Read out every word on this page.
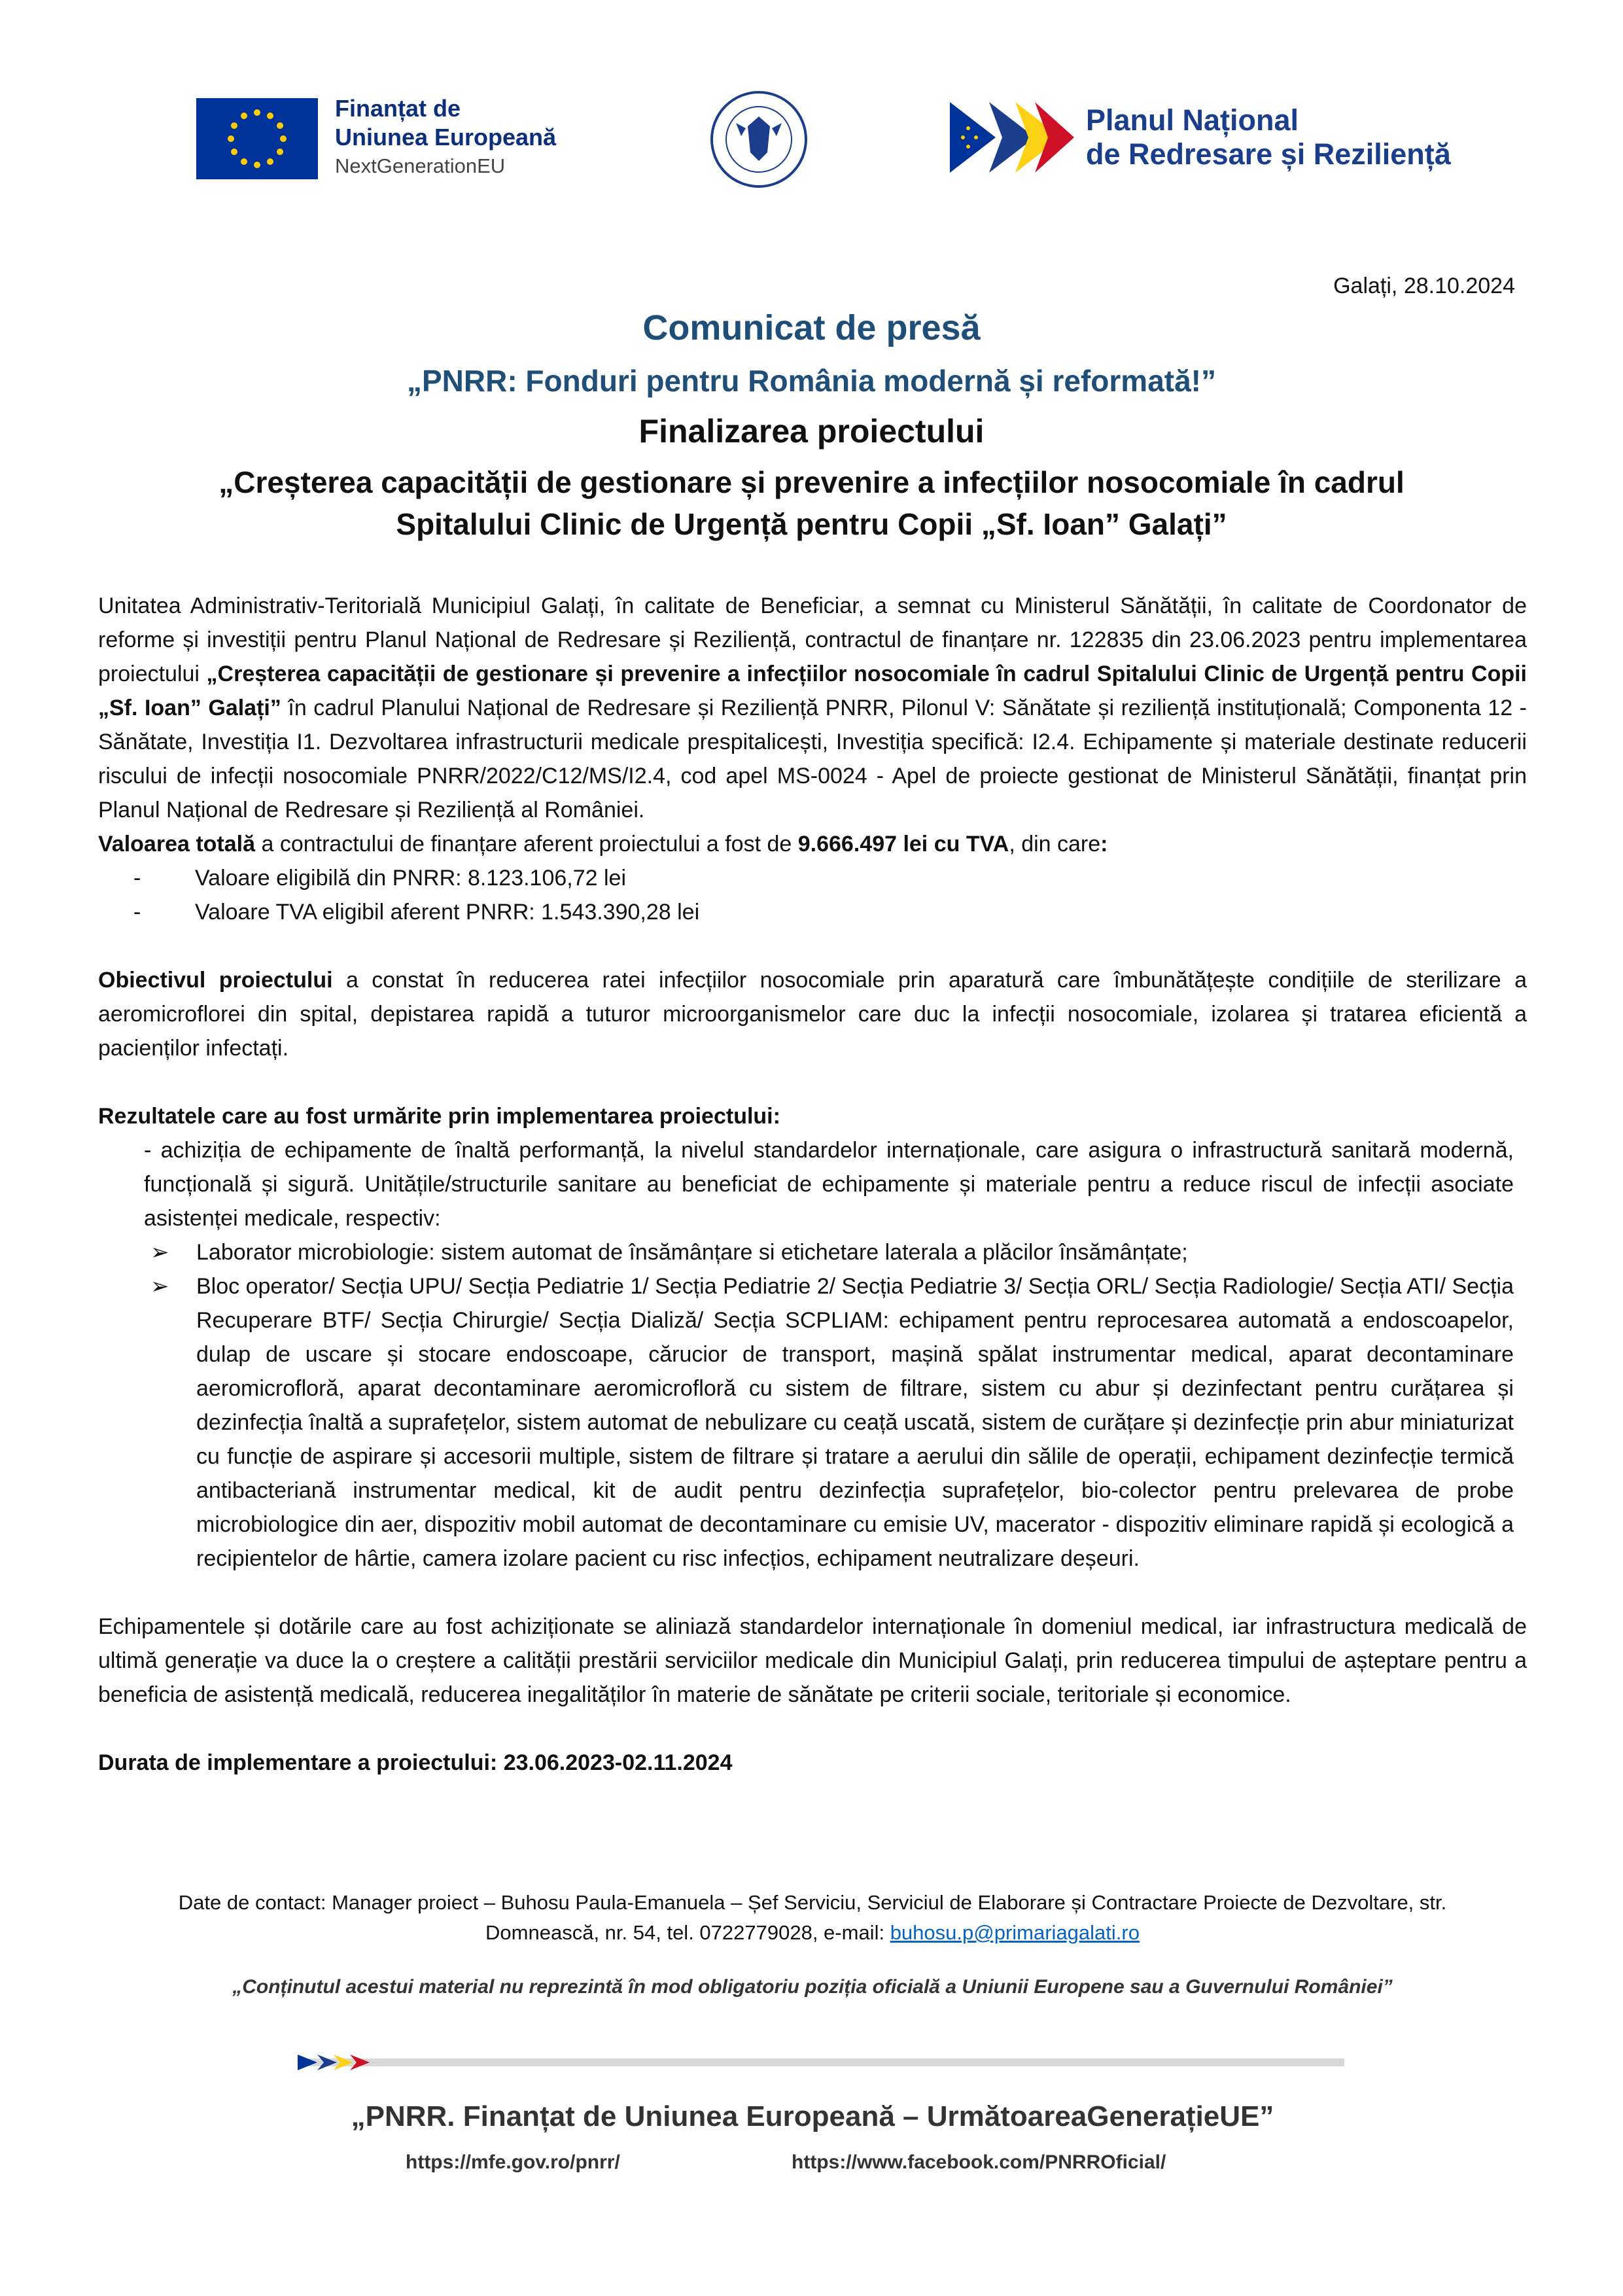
Finanțat de
Uniunea Europeană
NextGenerationEU
Planul Național
de Redresare și Reziliență
Galați, 28.10.2024
Comunicat de presă
„PNRR: Fonduri pentru România modernă și reformată!”
Finalizarea proiectului
„Creșterea capacității de gestionare și prevenire a infecțiilor nosocomiale în cadrul
Spitalului Clinic de Urgență pentru Copii „Sf. Ioan” Galați”

Unitatea Administrativ-Teritorială Municipiul Galați, în calitate de Beneficiar, a semnat cu Ministerul Sănătății, în calitate de Coordonator de reforme și investiții pentru Planul Național de Redresare și Reziliență, contractul de finanțare nr. 122835 din 23.06.2023 pentru implementarea proiectului „Creșterea capacității de gestionare și prevenire a infecțiilor nosocomiale în cadrul Spitalului Clinic de Urgență pentru Copii „Sf. Ioan” Galați” în cadrul Planului Național de Redresare și Reziliență PNRR, Pilonul V: Sănătate și reziliență instituțională; Componenta 12 - Sănătate, Investiția I1. Dezvoltarea infrastructurii medicale prespitalicești, Investiția specifică: I2.4. Echipamente și materiale destinate reducerii riscului de infecții nosocomiale PNRR/2022/C12/MS/I2.4, cod apel MS-0024 - Apel de proiecte gestionat de Ministerul Sănătății, finanțat prin Planul Național de Redresare și Reziliență al României.

Valoarea totală a contractului de finanțare aferent proiectului a fost de 9.666.497 lei cu TVA, din care:

- Valoare eligibilă din PNRR: 8.123.106,72 lei
- Valoare TVA eligibil aferent PNRR: 1.543.390,28 lei

Obiectivul proiectului a constat în reducerea ratei infecțiilor nosocomiale prin aparatură care îmbunătățește condițiile de sterilizare a aeromicroflorei din spital, depistarea rapidă a tuturor microorganismelor care duc la infecții nosocomiale, izolarea și tratarea eficientă a pacienților infectați.

Rezultatele care au fost urmărite prin implementarea proiectului:

- achiziția de echipamente de înaltă performanță, la nivelul standardelor internaționale, care asigura o infrastructură sanitară modernă, funcțională și sigură. Unitățile/structurile sanitare au beneficiat de echipamente și materiale pentru a reduce riscul de infecții asociate asistenței medicale, respectiv:

➢ Laborator microbiologie: sistem automat de însămânțare si etichetare laterala a plăcilor însămânțate;
➢ Bloc operator/ Secția UPU/ Secția Pediatrie 1/ Secția Pediatrie 2/ Secția Pediatrie 3/ Secția ORL/ Secția Radiologie/ Secția ATI/ Secția Recuperare BTF/ Secția Chirurgie/ Secția Dializă/ Secția SCPLIAM: echipament pentru reprocesarea automată a endoscoapelor, dulap de uscare și stocare endoscoape, cărucior de transport, mașină spălat instrumentar medical, aparat decontaminare aeromicrofloră, aparat decontaminare aeromicrofloră cu sistem de filtrare, sistem cu abur și dezinfectant pentru curățarea și dezinfecția înaltă a suprafețelor, sistem automat de nebulizare cu ceață uscată, sistem de curățare și dezinfecție prin abur miniaturizat cu funcție de aspirare și accesorii multiple, sistem de filtrare și tratare a aerului din sălile de operații, echipament dezinfecție termică antibacteriană instrumentar medical, kit de audit pentru dezinfecția suprafețelor, bio-colector pentru prelevarea de probe microbiologice din aer, dispozitiv mobil automat de decontaminare cu emisie UV, macerator - dispozitiv eliminare rapidă și ecologică a recipientelor de hârtie, camera izolare pacient cu risc infecțios, echipament neutralizare deșeuri.

Echipamentele și dotările care au fost achiziționate se aliniază standardelor internaționale în domeniul medical, iar infrastructura medicală de ultimă generație va duce la o creștere a calității prestării serviciilor medicale din Municipiul Galați, prin reducerea timpului de așteptare pentru a beneficia de asistență medicală, reducerea inegalităților în materie de sănătate pe criterii sociale, teritoriale și economice.

Durata de implementare a proiectului: 23.06.2023-02.11.2024

Date de contact: Manager proiect – Buhosu Paula-Emanuela – Șef Serviciu, Serviciul de Elaborare și Contractare Proiecte de Dezvoltare, str.
Domnească, nr. 54, tel. 0722779028, e-mail: buhosu.p@primariagalati.ro
„Conținutul acestui material nu reprezintă în mod obligatoriu poziția oficială a Uniunii Europene sau a Guvernului României”
„PNRR. Finanțat de Uniunea Europeană – UrmătoareaGenerațieUE”
https://mfe.gov.ro/pnrr/	https://www.facebook.com/PNRROficial/
